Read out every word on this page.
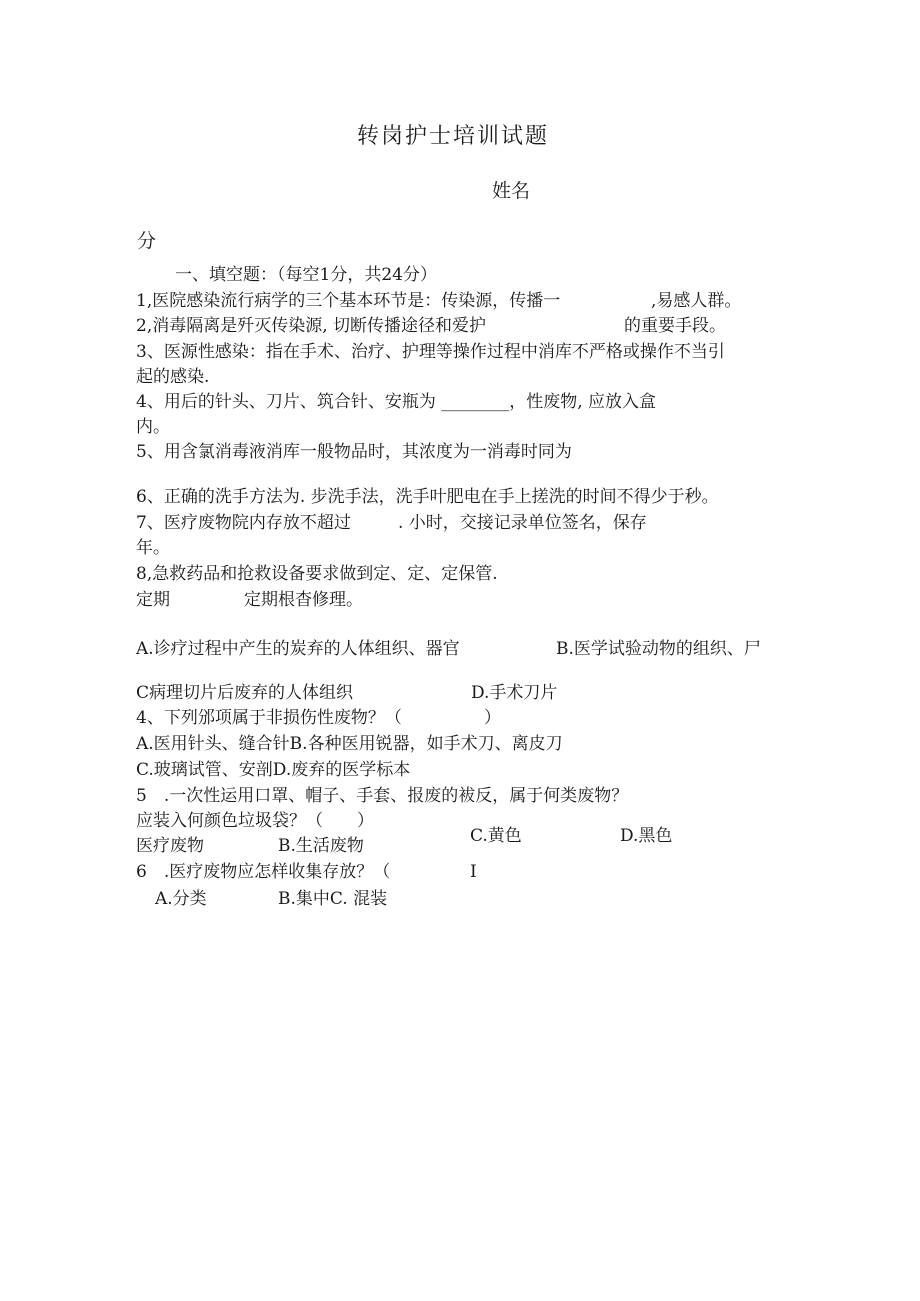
转岗护士培训试题
姓名
分
一、填空题：（每空1分，共24分）
1,医院感染流行病学的三个基本环节是：传染源，传播一	,易感人群。
2,消毒隔离是歼灭传染源, 切断传播途径和爱护	的重要手段。
3、医源性感染：指在手术、治疗、护理等操作过程中消库不严格或操作不当引
起的感染.
4、用后的针头、刀片、筑合针、安瓶为 ________，性废物, 应放入盒
内。
5、用含氯消毒液消库一般物品时，其浓度为一消毒时同为
6、正确的洗手方法为. 步洗手法，洗手叶肥电在手上搓洗的时间不得少于秒。
7、医疗废物院内存放不超过	. 小时，交接记录单位签名，保存
年。
8,急救药品和抢救设备要求做到定、定、定保管.
定期	定期根杳修理。
A.诊疗过程中产生的炭弃的人体组织、器官	B.医学试验动物的组织、尸
C病理切片后废弃的人体组织	D.手术刀片
4、下列邠项属于非损伤性废物？（	）
A.医用针头、缝合针B.各种医用锐器，如手术刀、离皮刀
C.玻璃试管、安剖D.废弃的医学标本
5　.一次性运用口罩、帽子、手套、报废的袚反，属于何类废物？
应装入何颜色垃圾袋？（　　）
C.黄色	D.黑色
医疗废物	B.生活废物
6　.医疗废物应怎样收集存放？（	I
A.分类	B.集中C. 混装
